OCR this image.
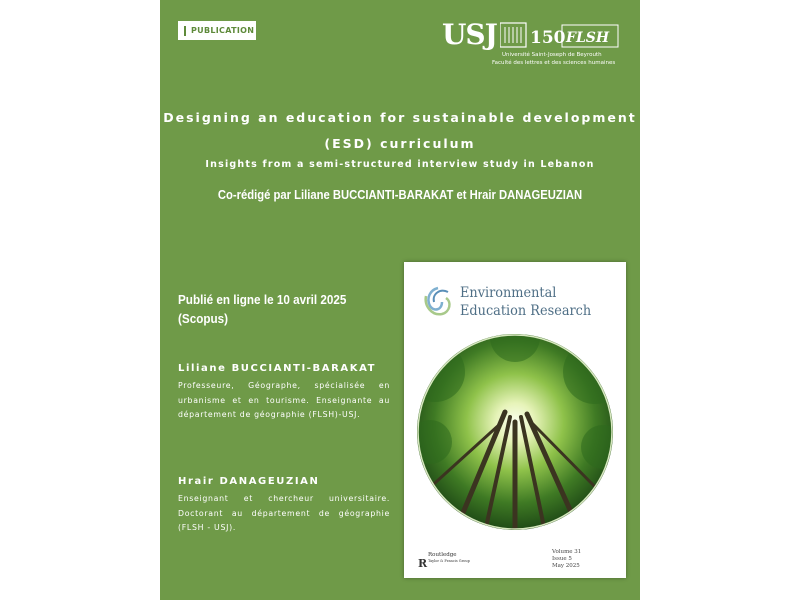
PUBLICATION	USJ 150 FLSH
Université Saint-Joseph de Beyrouth
Faculté des lettres et des sciences humaines
Designing an education for sustainable development
(ESD) curriculum
Insights from a semi-structured interview study in Lebanon
Co-rédigé par Liliane BUCCIANTI-BARAKAT et Hrair DANAGEUZIAN
Publié en ligne le 10 avril 2025
(Scopus)
Liliane BUCCIANTI-BARAKAT
Professeure, Géographe, spécialisée en urbanisme et en tourisme. Enseignante au département de géographie (FLSH)-USJ.
Hrair DANAGEUZIAN
Enseignant et chercheur universitaire. Doctorant au département de géographie (FLSH - USJ).
Environmental
Education Research
R
Routledge
Taylor & Francis Group
Volume 31
Issue 5
May 2025
